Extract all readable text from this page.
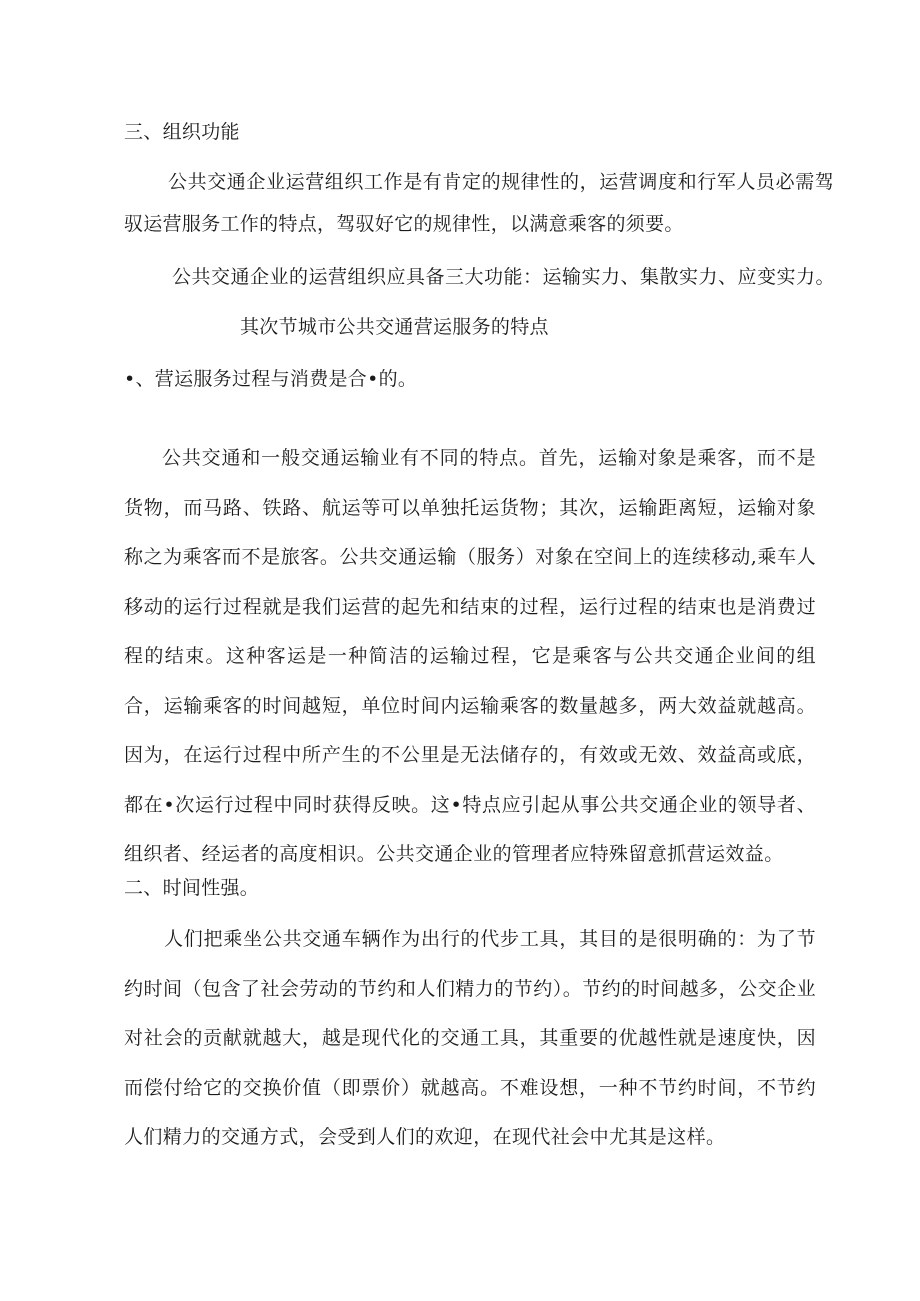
三、组织功能
公共交通企业运营组织工作是有肯定的规律性的，运营调度和行军人员必需驾
驭运营服务工作的特点，驾驭好它的规律性，以满意乘客的须要。
公共交通企业的运营组织应具备三大功能：运输实力、集散实力、应变实力。
其次节城市公共交通营运服务的特点
•、营运服务过程与消费是合•的。
公共交通和一般交通运输业有不同的特点。首先，运输对象是乘客，而不是货物，而马路、铁路、航运等可以单独托运货物；其次，运输距离短，运输对象称之为乘客而不是旅客。公共交通运输（服务）对象在空间上的连续移动,乘车人移动的运行过程就是我们运营的起先和结束的过程，运行过程的结束也是消费过程的结束。这种客运是一种简洁的运输过程，它是乘客与公共交通企业间的组合，运输乘客的时间越短，单位时间内运输乘客的数量越多，两大效益就越高。因为，在运行过程中所产生的不公里是无法储存的，有效或无效、效益高或底，都在•次运行过程中同时获得反映。这•特点应引起从事公共交通企业的领导者、组织者、经运者的高度相识。公共交通企业的管理者应特殊留意抓营运效益。
二、时间性强。
人们把乘坐公共交通车辆作为出行的代步工具，其目的是很明确的：为了节约时间（包含了社会劳动的节约和人们精力的节约）。节约的时间越多，公交企业对社会的贡献就越大，越是现代化的交通工具，其重要的优越性就是速度快，因而偿付给它的交换价值（即票价）就越高。不难设想，一种不节约时间，不节约人们精力的交通方式，会受到人们的欢迎，在现代社会中尤其是这样。
